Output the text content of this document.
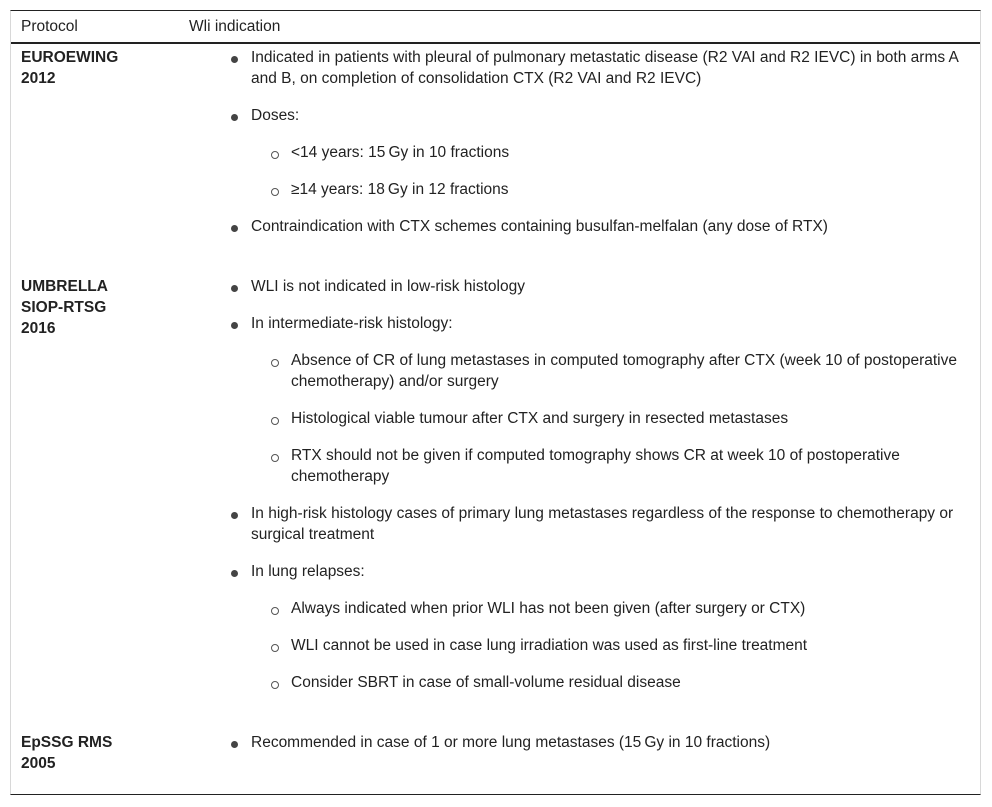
Protocol	Wli indication
EUROEWING
2012
Indicated in patients with pleural of pulmonary metastatic disease (R2 VAI and R2 IEVC) in both arms A and B, on completion of consolidation CTX (R2 VAI and R2 IEVC)
Doses:
<14 years: 15 Gy in 10 fractions
≥14 years: 18 Gy in 12 fractions
Contraindication with CTX schemes containing busulfan-melfalan (any dose of RTX)
UMBRELLA
SIOP-RTSG
2016
WLI is not indicated in low-risk histology
In intermediate-risk histology:
Absence of CR of lung metastases in computed tomography after CTX (week 10 of postoperative chemotherapy) and/or surgery
Histological viable tumour after CTX and surgery in resected metastases
RTX should not be given if computed tomography shows CR at week 10 of postoperative chemotherapy
In high-risk histology cases of primary lung metastases regardless of the response to chemotherapy or surgical treatment
In lung relapses:
Always indicated when prior WLI has not been given (after surgery or CTX)
WLI cannot be used in case lung irradiation was used as first-line treatment
Consider SBRT in case of small-volume residual disease
EpSSG RMS
2005
Recommended in case of 1 or more lung metastases (15 Gy in 10 fractions)
